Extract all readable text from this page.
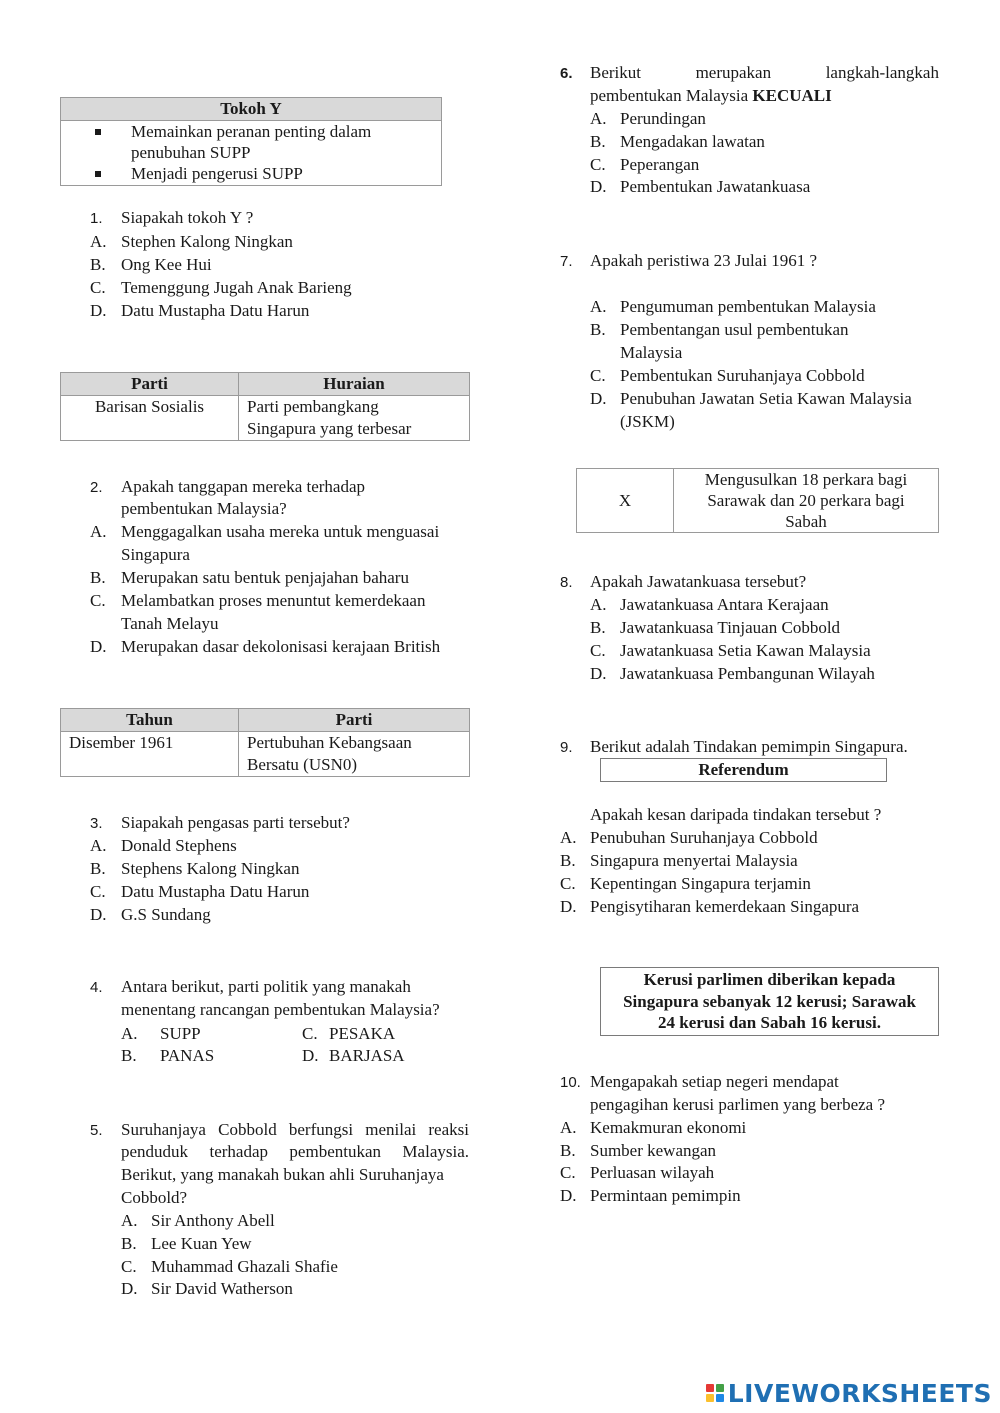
Tokoh Y

Memainkan peranan penting dalam penubuhan SUPP
Menjadi pengerusi SUPP
1. Siapakah tokoh Y ?
A. Stephen Kalong Ningkan
B. Ong Kee Hui
C. Temenggung Jugah Anak Barieng
D. Datu Mustapha Datu Harun
Parti	Huraian
Barisan Sosialis	Parti pembangkang Singapura yang terbesar
2. Apakah tanggapan mereka terhadap
pembentukan Malaysia?
A. Menggagalkan usaha mereka untuk menguasai
Singapura
B. Merupakan satu bentuk penjajahan baharu
C. Melambatkan proses menuntut kemerdekaan
Tanah Melayu
D. Merupakan dasar dekolonisasi kerajaan British
Tahun	Parti
Disember 1961	Pertubuhan Kebangsaan Bersatu (USN0)
3. Siapakah pengasas parti tersebut?
A. Donald Stephens
B. Stephens Kalong Ningkan
C. Datu Mustapha Datu Harun
D. G.S Sundang
4. Antara berikut, parti politik yang manakah
menentang rancangan pembentukan Malaysia?
A. SUPP	C. PESAKA
B. PANAS	D. BARJASA
5. Suruhanjaya Cobbold berfungsi menilai reaksi
penduduk terhadap pembentukan Malaysia.
Berikut, yang manakah bukan ahli Suruhanjaya
Cobbold?
A. Sir Anthony Abell
B. Lee Kuan Yew
C. Muhammad Ghazali Shafie
D. Sir David Watherson
6. Berikut	merupakan	langkah-langkah
pembentukan Malaysia KECUALI
A. Perundingan
B. Mengadakan lawatan
C. Peperangan
D. Pembentukan Jawatankuasa
7. Apakah peristiwa 23 Julai 1961 ?
A. Pengumuman pembentukan Malaysia
B. Pembentangan usul pembentukan
Malaysia
C. Pembentukan Suruhanjaya Cobbold
D. Penubuhan Jawatan Setia Kawan Malaysia
(JSKM)
X	
Mengusulkan 18 perkara bagi
Sarawak dan 20 perkara bagi
Sabah
8. Apakah Jawatankuasa tersebut?
A. Jawatankuasa Antara Kerajaan
B. Jawatankuasa Tinjauan Cobbold
C. Jawatankuasa Setia Kawan Malaysia
D. Jawatankuasa Pembangunan Wilayah
9. Berikut adalah Tindakan pemimpin Singapura.
Referendum
Apakah kesan daripada tindakan tersebut ?
A. Penubuhan Suruhanjaya Cobbold
B. Singapura menyertai Malaysia
C. Kepentingan Singapura terjamin
D. Pengisytiharan kemerdekaan Singapura
Kerusi parlimen diberikan kepada
Singapura sebanyak 12 kerusi; Sarawak
24 kerusi dan Sabah 16 kerusi.
10. Mengapakah setiap negeri mendapat
pengagihan kerusi parlimen yang berbeza ?
A. Kemakmuran ekonomi
B. Sumber kewangan
C. Perluasan wilayah
D. Permintaan pemimpin
LIVEWORKSHEETS
